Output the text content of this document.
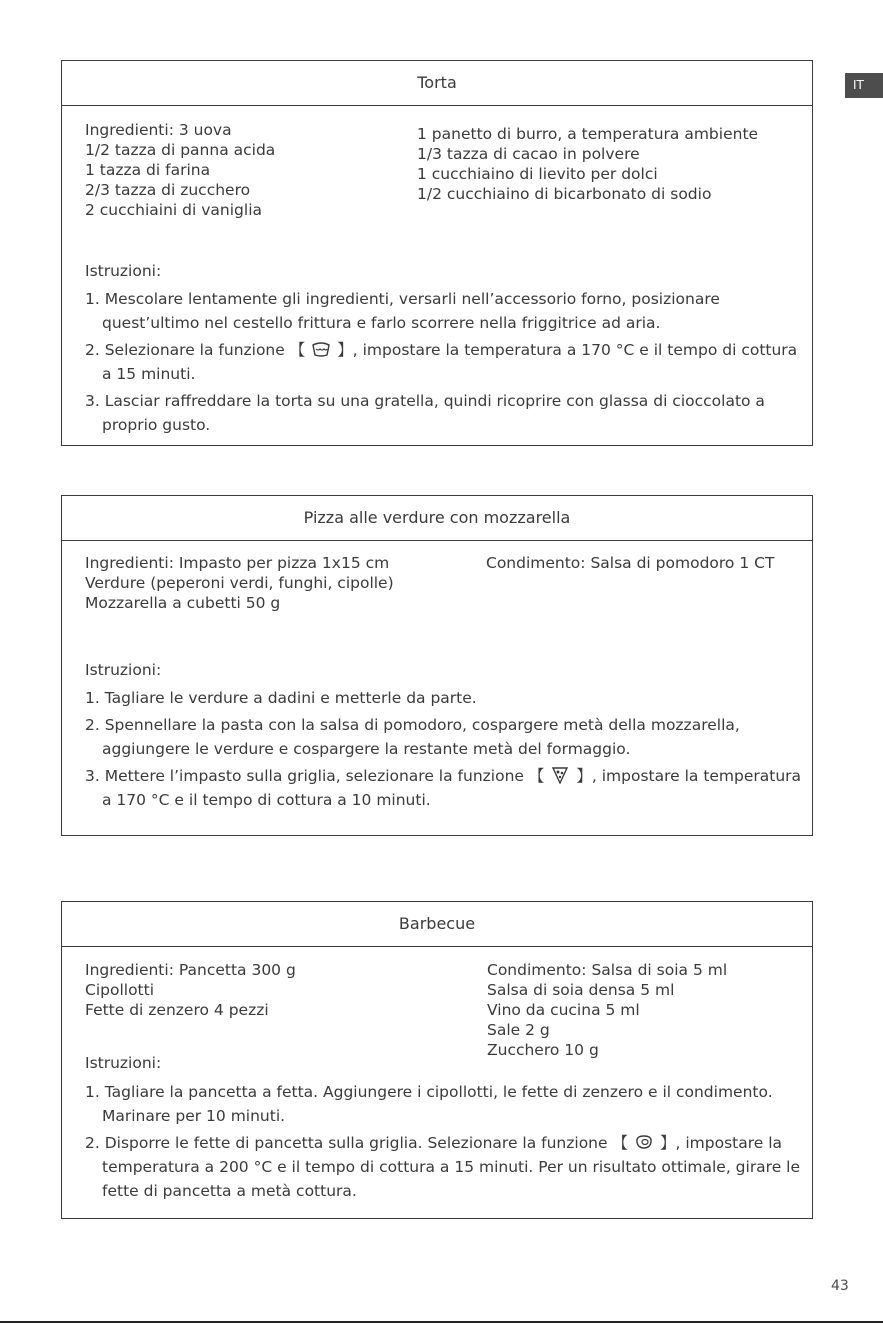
IT
Torta
Ingredienti: 3 uova
1/2 tazza di panna acida
1 tazza di farina
2/3 tazza di zucchero
2 cucchiaini di vaniglia
1 panetto di burro, a temperatura ambiente
1/3 tazza di cacao in polvere
1 cucchiaino di lievito per dolci
1/2 cucchiaino di bicarbonato di sodio
Istruzioni:
1. Mescolare lentamente gli ingredienti, versarli nell’accessorio forno, posizionare quest’ultimo nel cestello frittura e farlo scorrere nella friggitrice ad aria.
2. Selezionare la funzione 【 】, impostare la temperatura a 170 °C e il tempo di cottura a 15 minuti.
3. Lasciar raffreddare la torta su una gratella, quindi ricoprire con glassa di cioccolato a proprio gusto.
Pizza alle verdure con mozzarella
Ingredienti: Impasto per pizza 1x15 cm
Verdure (peperoni verdi, funghi, cipolle)
Mozzarella a cubetti 50 g
Condimento: Salsa di pomodoro 1 CT
Istruzioni:
1. Tagliare le verdure a dadini e metterle da parte.
2. Spennellare la pasta con la salsa di pomodoro, cospargere metà della mozzarella, aggiungere le verdure e cospargere la restante metà del formaggio.
3. Mettere l’impasto sulla griglia, selezionare la funzione 【 】, impostare la temperatura a 170 °C e il tempo di cottura a 10 minuti.
Barbecue
Ingredienti: Pancetta 300 g
Cipollotti
Fette di zenzero 4 pezzi
Condimento: Salsa di soia 5 ml
Salsa di soia densa 5 ml
Vino da cucina 5 ml
Sale 2 g
Zucchero 10 g
Istruzioni:
1. Tagliare la pancetta a fetta. Aggiungere i cipollotti, le fette di zenzero e il condimento. Marinare per 10 minuti.
2. Disporre le fette di pancetta sulla griglia. Selezionare la funzione 【 】, impostare la temperatura a 200 °C e il tempo di cottura a 15 minuti. Per un risultato ottimale, girare le fette di pancetta a metà cottura.
43
